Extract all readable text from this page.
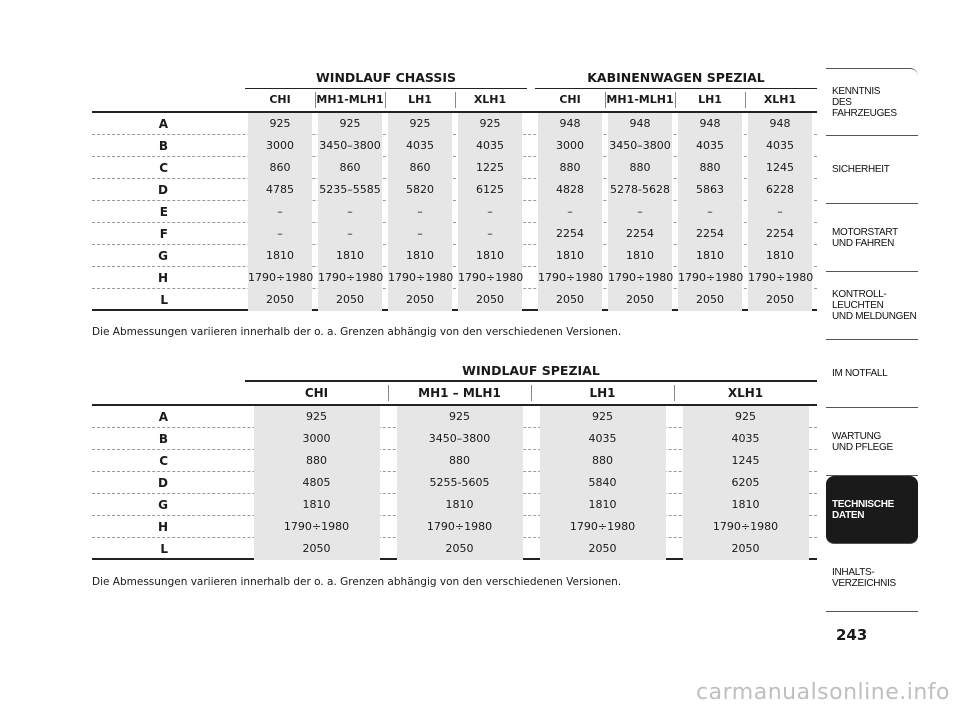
WINDLAUF CHASSIS	KABINENWAGEN SPEZIAL
CHI	MH1-MLH1	LH1	XLH1	CHI	MH1-MLH1	LH1	XLH1
A	925	925	925	925	948	948	948	948
B	3000	3450–3800	4035	4035	3000	3450–3800	4035	4035
C	860	860	860	1225	880	880	880	1245
D	4785	5235–5585	5820	6125	4828	5278-5628	5863	6228
E	–	–	–	–	–	–	–	–
F	–	–	–	–	2254	2254	2254	2254
G	1810	1810	1810	1810	1810	1810	1810	1810
H	1790÷1980 1790÷1980 1790÷1980 1790÷1980 1790÷1980 1790÷1980 1790÷1980 1790÷1980
L	2050	2050	2050	2050	2050	2050	2050	2050
Die Abmessungen variieren innerhalb der o. a. Grenzen abhängig von den verschiedenen Versionen.
WINDLAUF SPEZIAL
CHI	MH1 – MLH1	LH1	XLH1
A	925	925	925	925
B	3000	3450–3800	4035	4035
C	880	880	880	1245
D	4805	5255-5605	5840	6205
G	1810	1810	1810	1810
H	1790÷1980	1790÷1980	1790÷1980	1790÷1980
L	2050	2050	2050	2050
Die Abmessungen variieren innerhalb der o. a. Grenzen abhängig von den verschiedenen Versionen.
KENNTNIS
DES FAHRZEUGES
SICHERHEIT
MOTORSTART
UND FAHREN
KONTROLL-
LEUCHTEN
UND MELDUNGEN
IM NOTFALL
WARTUNG
UND PFLEGE
TECHNISCHE
DATEN
INHALTS-
VERZEICHNIS
243
carmanualsonline.info
